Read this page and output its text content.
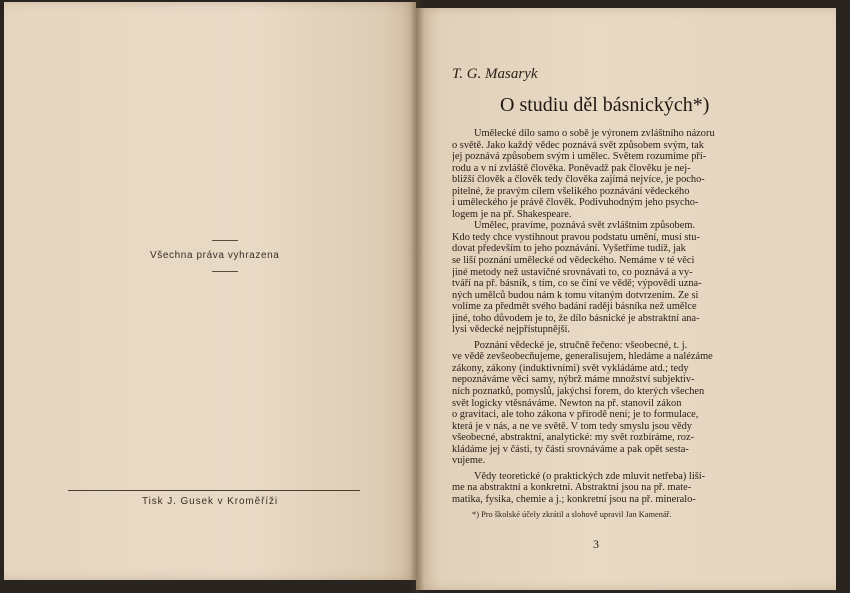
Všechna práva vyhrazena
Tisk J. Gusek v Kroměříži
T. G. Masaryk
O studiu děl básnických*)
Umělecké dílo samo o sobě je výronem zvláštního názoru
o světě. Jako každý vědec poznává svět způsobem svým, tak
jej poznává způsobem svým i umělec. Světem rozumíme pří-
rodu a v ní zvláště člověka. Poněvadž pak člověku je nej-
bližší člověk a člověk tedy člověka zajímá nejvíce, je pocho-
pitelné, že pravým cílem všelikého poznávání vědeckého
i uměleckého je právě člověk. Podivuhodným jeho psycho-
logem je na př. Shakespeare.
Umělec, pravíme, poznává svět zvláštním způsobem.
Kdo tedy chce vystihnout pravou podstatu umění, musí stu-
dovat především to jeho poznávání. Vyšetříme tudíž, jak
se liší poznání umělecké od vědeckého. Nemáme v té věci
jiné metody než ustavičné srovnávati to, co poznává a vy-
tváří na př. básník, s tím, co se činí ve vědě; výpovědi uzna-
ných umělců budou nám k tomu vítaným dotvrzením. Ze si
volíme za předmět svého badání raději básníka než umělce
jiné, toho důvodem je to, že dílo básnické je abstraktní ana-
lysi vědecké nejpřístupnější.
Poznání vědecké je, stručně řečeno: všeobecné, t. j.
ve vědě zevšeobecňujeme, generalisujem, hledáme a nalézáme
zákony, zákony (induktivními) svět vykládáme atd.; tedy
nepoznáváme věci samy, nýbrž máme množství subjektiv-
ních poznatků, pomyslů, jakýchsi forem, do kterých všechen
svět logicky vtěsnáváme. Newton na př. stanovil zákon
o gravitaci, ale toho zákona v přírodě není; je to formulace,
která je v nás, a ne ve světě. V tom tedy smyslu jsou vědy
všeobecné, abstraktní, analytické: my svět rozbíráme, roz-
kládáme jej v části, ty části srovnáváme a pak opět sesta-
vujeme.
Vědy teoretické (o praktických zde mluvit netřeba) liší-
me na abstraktní a konkretní. Abstraktní jsou na př. mate-
matika, fysika, chemie a j.; konkretní jsou na př. mineralo-
*) Pro školské účely zkrátil a slohově upravil Jan Kamenář.
3
